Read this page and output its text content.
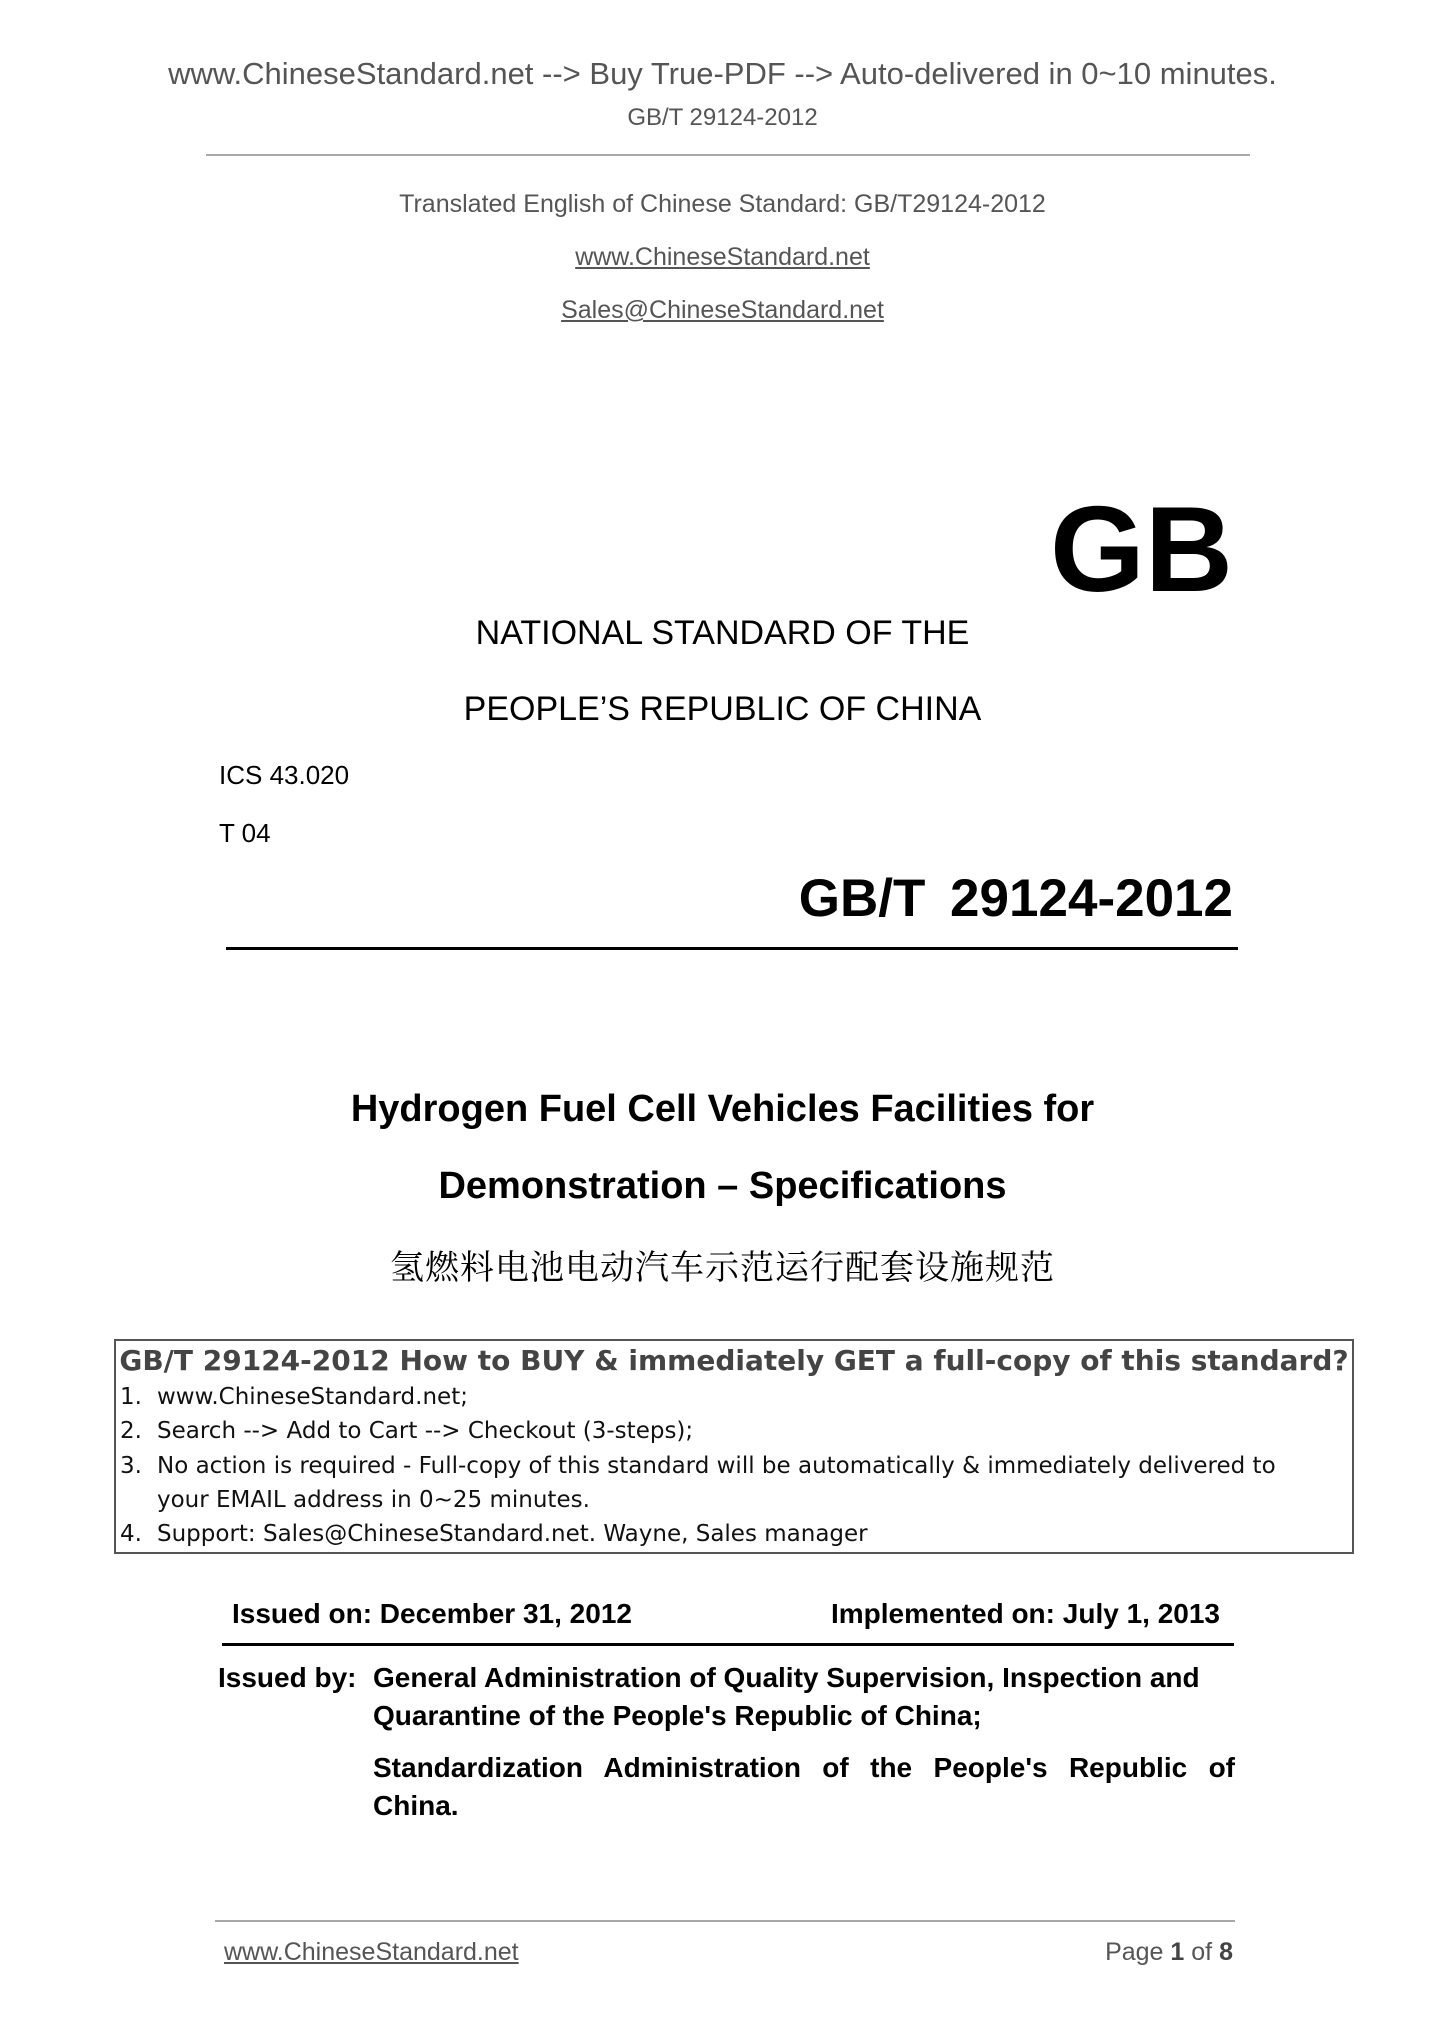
www.ChineseStandard.net --> Buy True-PDF --> Auto-delivered in 0~10 minutes.
GB/T 29124-2012
Translated English of Chinese Standard: GB/T29124-2012
www.ChineseStandard.net
Sales@ChineseStandard.net
GB
NATIONAL STANDARD OF THE
PEOPLE’S REPUBLIC OF CHINA
ICS 43.020
T 04
GB/T 29124-2012
Hydrogen Fuel Cell Vehicles Facilities for
Demonstration – Specifications
氢燃料电池电动汽车示范运行配套设施规范
GB/T 29124-2012 How to BUY & immediately GET a full-copy of this standard?
1. www.ChineseStandard.net;
2. Search --> Add to Cart --> Checkout (3-steps);
3. No action is required - Full-copy of this standard will be automatically & immediately delivered to
your EMAIL address in 0~25 minutes.
4. Support: Sales@ChineseStandard.net. Wayne, Sales manager
Issued on: December 31, 2012	Implemented on: July 1, 2013
Issued by: General Administration of Quality Supervision, Inspection and
Quarantine of the People's Republic of China;
Standardization Administration of the People's Republic of
China.
www.ChineseStandard.net	Page 1 of 8
